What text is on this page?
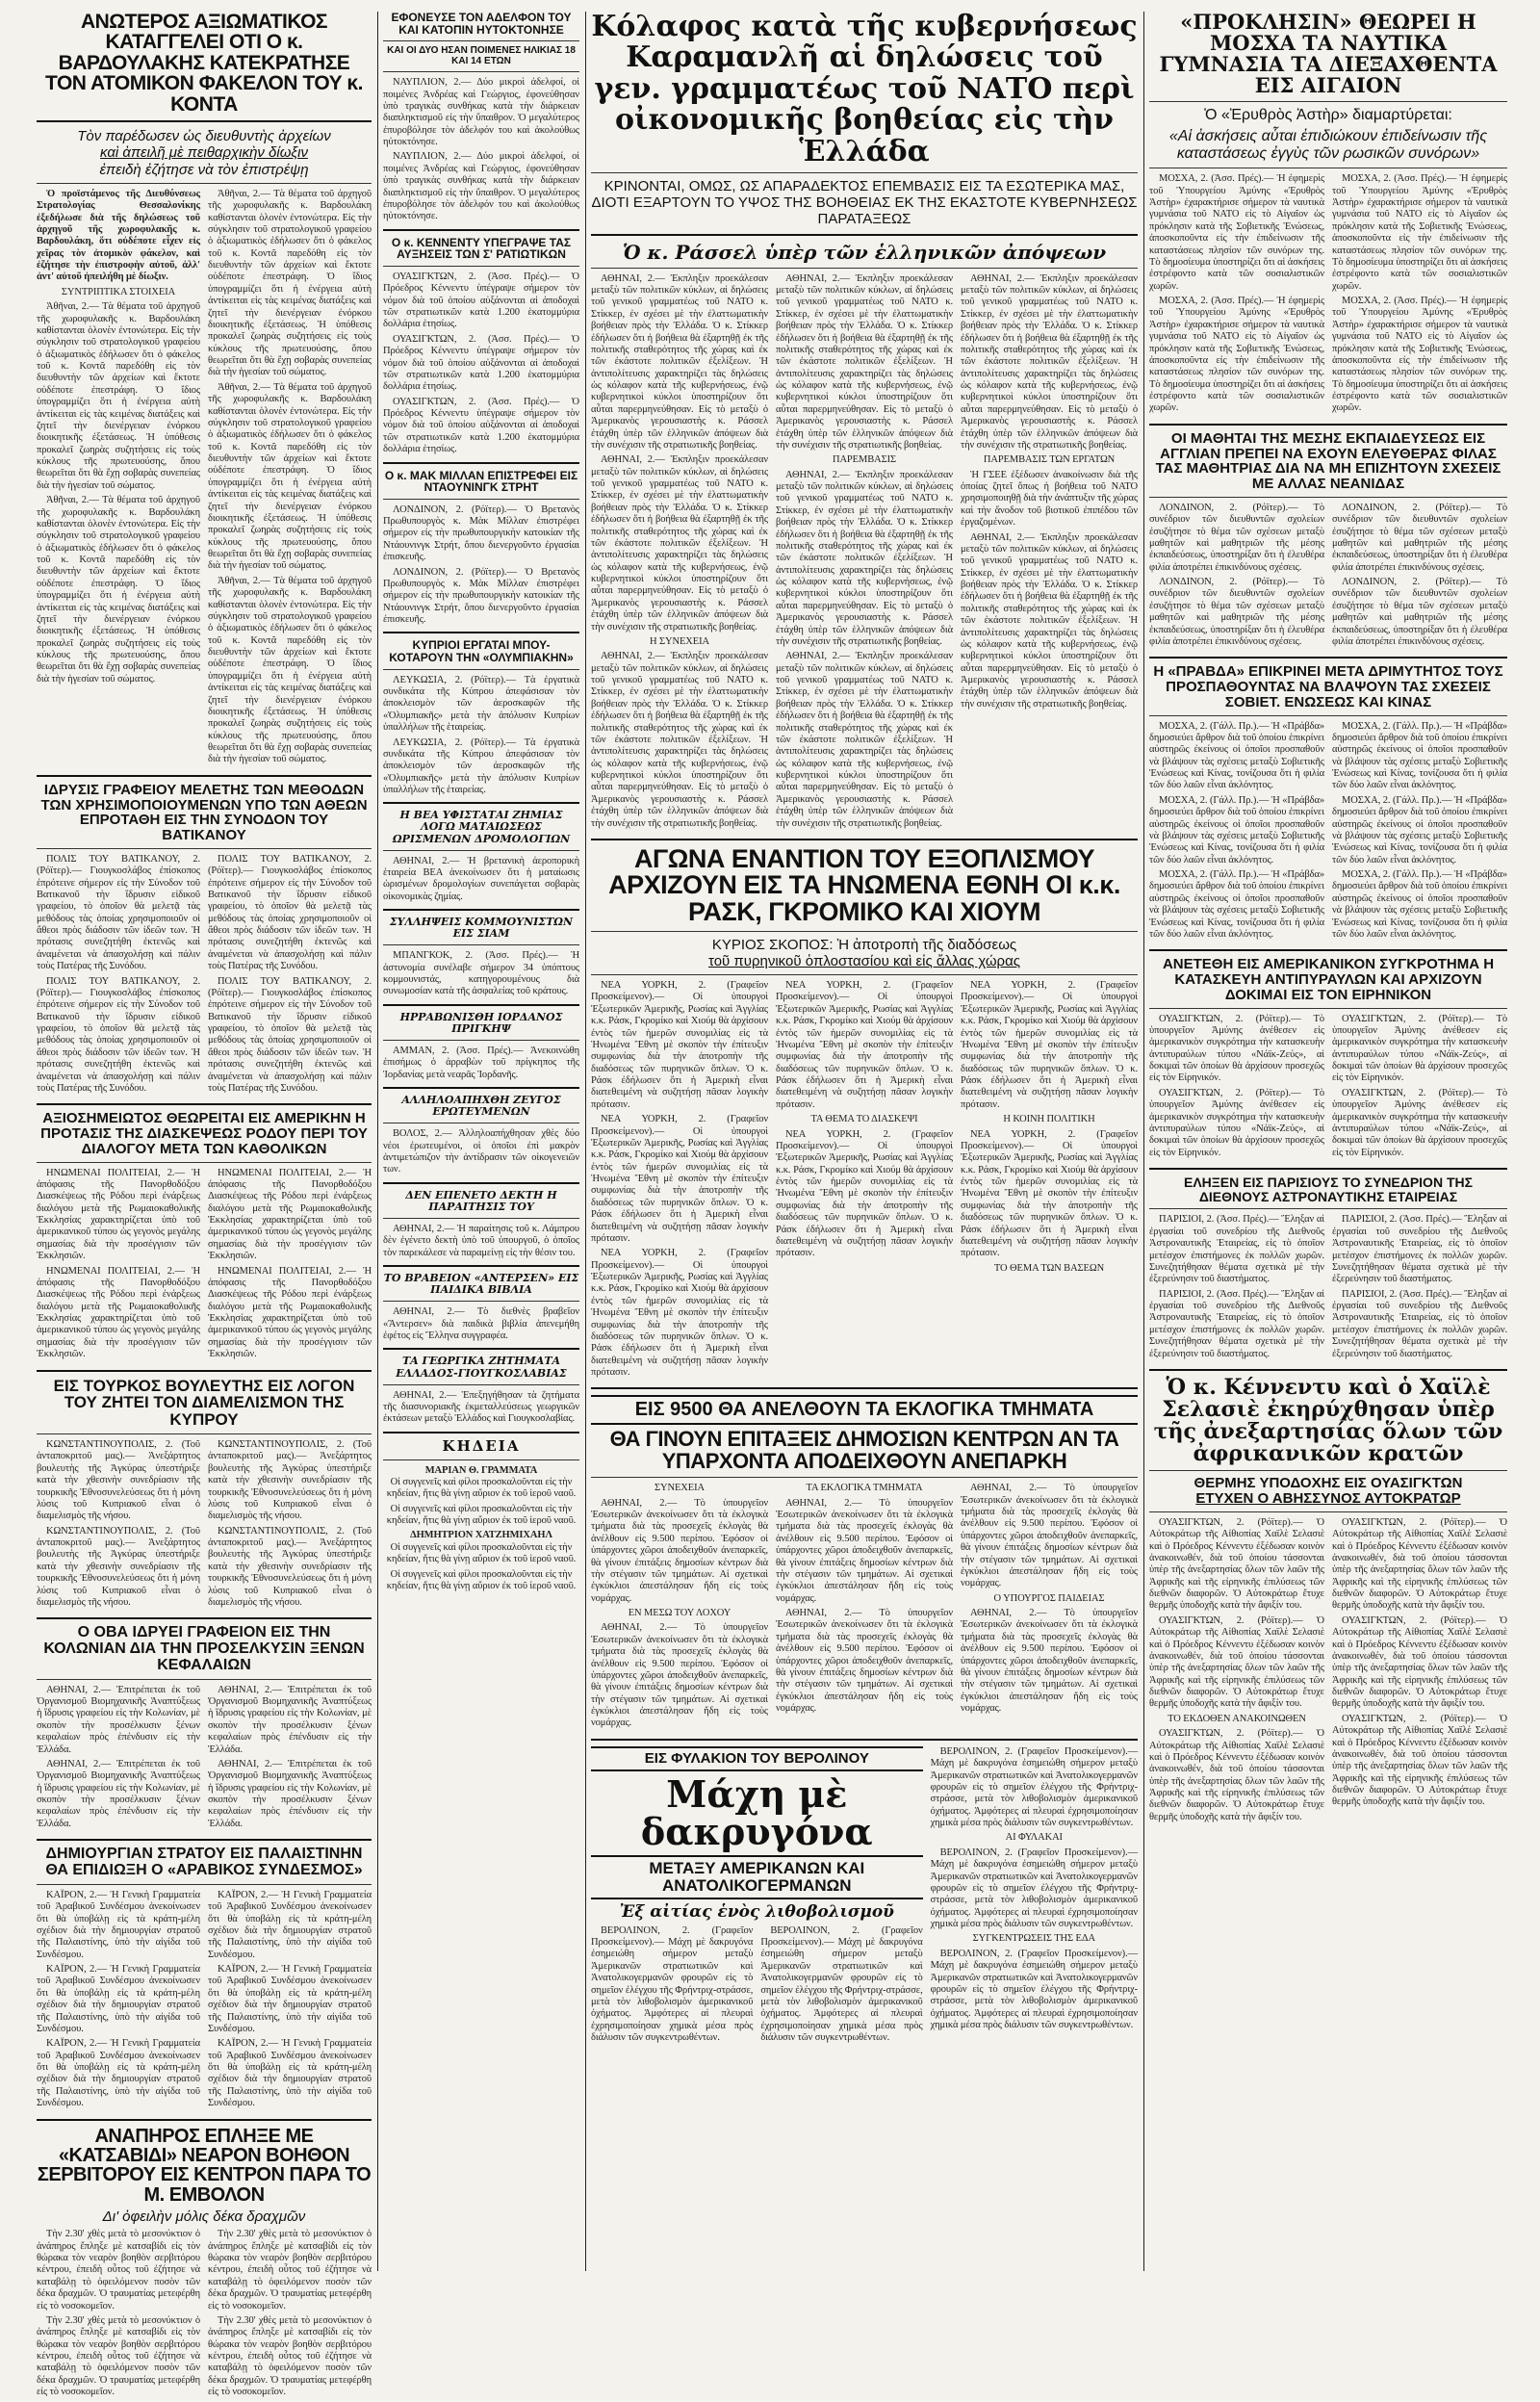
ΑΝΩΤΕΡΟΣ ΑΞΙΩΜΑΤΙΚΟΣ ΚΑΤΑΓΓΕΛΕΙ ΟΤΙ Ο κ. ΒΑΡΔΟΥΛΑΚΗΣ ΚΑΤΕΚΡΑΤΗΣΕ ΤΟΝ ΑΤΟΜΙΚΟΝ ΦΑΚΕΛΟΝ ΤΟΥ κ. ΚΟΝΤΑ
Τὸν παρέδωσεν ὡς διευθυντὴς ἀρχείων
καὶ ἀπειλῆ μὲ πειθαρχικὴν δίωξιν
ἐπειδὴ ἐζήτησε νὰ τὸν ἐπιστρέψῃ

Ὁ προϊστάμενος τῆς Διευθύνσεως Στρατολογίας Θεσσαλονίκης ἐξεδήλωσε διὰ τῆς δηλώσεως τοῦ ἀρχηγοῦ τῆς χωροφυλακῆς κ. Βαρδουλάκη, ὅτι οὐδέποτε εἶχεν εἰς χεῖρας τὸν ἀτομικὸν φάκελον, καὶ ἐζήτησε τὴν ἐπιστροφὴν αὐτοῦ, ἀλλ' ἀντ' αὐτοῦ ἠπειλήθη μὲ δίωξιν.

ΣΥΝΤΡΙΠΤΙΚΑ ΣΤΟΙΧΕΙΑ

Ἀθῆναι, 2.— Τὰ θέματα τοῦ ἀρχηγοῦ τῆς χωροφυλακῆς κ. Βαρδουλάκη καθίστανται ὁλονὲν ἐντονώτερα. Εἰς τὴν σύγκλησιν τοῦ στρατολογικοῦ γραφείου ὁ ἀξιωματικὸς ἐδήλωσεν ὅτι ὁ φάκελος τοῦ κ. Κοντᾶ παρεδόθη εἰς τὸν διευθυντὴν τῶν ἀρχείων καὶ ἔκτοτε οὐδέποτε ἐπεστράφη. Ὁ ἴδιος ὑπογραμμίζει ὅτι ἡ ἐνέργεια αὐτὴ ἀντίκειται εἰς τὰς κειμένας διατάξεις καὶ ζητεῖ τὴν διενέργειαν ἐνόρκου διοικητικῆς ἐξετάσεως. Ἡ ὑπόθεσις προκαλεῖ ζωηρὰς συζητήσεις εἰς τοὺς κύκλους τῆς πρωτευούσης, ὅπου θεωρεῖται ὅτι θὰ ἔχῃ σοβαρὰς συνεπείας διὰ τὴν ἡγεσίαν τοῦ σώματος.

Ἀθῆναι, 2.— Τὰ θέματα τοῦ ἀρχηγοῦ τῆς χωροφυλακῆς κ. Βαρδουλάκη καθίστανται ὁλονὲν ἐντονώτερα. Εἰς τὴν σύγκλησιν τοῦ στρατολογικοῦ γραφείου ὁ ἀξιωματικὸς ἐδήλωσεν ὅτι ὁ φάκελος τοῦ κ. Κοντᾶ παρεδόθη εἰς τὸν διευθυντὴν τῶν ἀρχείων καὶ ἔκτοτε οὐδέποτε ἐπεστράφη. Ὁ ἴδιος ὑπογραμμίζει ὅτι ἡ ἐνέργεια αὐτὴ ἀντίκειται εἰς τὰς κειμένας διατάξεις καὶ ζητεῖ τὴν διενέργειαν ἐνόρκου διοικητικῆς ἐξετάσεως. Ἡ ὑπόθεσις προκαλεῖ ζωηρὰς συζητήσεις εἰς τοὺς κύκλους τῆς πρωτευούσης, ὅπου θεωρεῖται ὅτι θὰ ἔχῃ σοβαρὰς συνεπείας διὰ τὴν ἡγεσίαν τοῦ σώματος.

Ἀθῆναι, 2.— Τὰ θέματα τοῦ ἀρχηγοῦ τῆς χωροφυλακῆς κ. Βαρδουλάκη καθίστανται ὁλονὲν ἐντονώτερα. Εἰς τὴν σύγκλησιν τοῦ στρατολογικοῦ γραφείου ὁ ἀξιωματικὸς ἐδήλωσεν ὅτι ὁ φάκελος τοῦ κ. Κοντᾶ παρεδόθη εἰς τὸν διευθυντὴν τῶν ἀρχείων καὶ ἔκτοτε οὐδέποτε ἐπεστράφη. Ὁ ἴδιος ὑπογραμμίζει ὅτι ἡ ἐνέργεια αὐτὴ ἀντίκειται εἰς τὰς κειμένας διατάξεις καὶ ζητεῖ τὴν διενέργειαν ἐνόρκου διοικητικῆς ἐξετάσεως. Ἡ ὑπόθεσις προκαλεῖ ζωηρὰς συζητήσεις εἰς τοὺς κύκλους τῆς πρωτευούσης, ὅπου θεωρεῖται ὅτι θὰ ἔχῃ σοβαρὰς συνεπείας διὰ τὴν ἡγεσίαν τοῦ σώματος.

Ἀθῆναι, 2.— Τὰ θέματα τοῦ ἀρχηγοῦ τῆς χωροφυλακῆς κ. Βαρδουλάκη καθίστανται ὁλονὲν ἐντονώτερα. Εἰς τὴν σύγκλησιν τοῦ στρατολογικοῦ γραφείου ὁ ἀξιωματικὸς ἐδήλωσεν ὅτι ὁ φάκελος τοῦ κ. Κοντᾶ παρεδόθη εἰς τὸν διευθυντὴν τῶν ἀρχείων καὶ ἔκτοτε οὐδέποτε ἐπεστράφη. Ὁ ἴδιος ὑπογραμμίζει ὅτι ἡ ἐνέργεια αὐτὴ ἀντίκειται εἰς τὰς κειμένας διατάξεις καὶ ζητεῖ τὴν διενέργειαν ἐνόρκου διοικητικῆς ἐξετάσεως. Ἡ ὑπόθεσις προκαλεῖ ζωηρὰς συζητήσεις εἰς τοὺς κύκλους τῆς πρωτευούσης, ὅπου θεωρεῖται ὅτι θὰ ἔχῃ σοβαρὰς συνεπείας διὰ τὴν ἡγεσίαν τοῦ σώματος.

Ἀθῆναι, 2.— Τὰ θέματα τοῦ ἀρχηγοῦ τῆς χωροφυλακῆς κ. Βαρδουλάκη καθίστανται ὁλονὲν ἐντονώτερα. Εἰς τὴν σύγκλησιν τοῦ στρατολογικοῦ γραφείου ὁ ἀξιωματικὸς ἐδήλωσεν ὅτι ὁ φάκελος τοῦ κ. Κοντᾶ παρεδόθη εἰς τὸν διευθυντὴν τῶν ἀρχείων καὶ ἔκτοτε οὐδέποτε ἐπεστράφη. Ὁ ἴδιος ὑπογραμμίζει ὅτι ἡ ἐνέργεια αὐτὴ ἀντίκειται εἰς τὰς κειμένας διατάξεις καὶ ζητεῖ τὴν διενέργειαν ἐνόρκου διοικητικῆς ἐξετάσεως. Ἡ ὑπόθεσις προκαλεῖ ζωηρὰς συζητήσεις εἰς τοὺς κύκλους τῆς πρωτευούσης, ὅπου θεωρεῖται ὅτι θὰ ἔχῃ σοβαρὰς συνεπείας διὰ τὴν ἡγεσίαν τοῦ σώματος.

ΙΔΡΥΣΙΣ ΓΡΑΦΕΙΟΥ ΜΕΛΕΤΗΣ ΤΩΝ ΜΕΘΟΔΩΝ ΤΩΝ ΧΡΗΣΙΜΟΠΟΙΟΥΜΕΝΩΝ ΥΠΟ ΤΩΝ ΑΘΕΩΝ ΕΠΡΟΤΑΘΗ ΕΙΣ ΤΗΝ ΣΥΝΟΔΟΝ ΤΟΥ ΒΑΤΙΚΑΝΟΥ

ΠΟΛΙΣ ΤΟΥ ΒΑΤΙΚΑΝΟΥ, 2. (Ρόϊτερ).— Γιουγκοσλάβος ἐπίσκοπος ἐπρότεινε σήμερον εἰς τὴν Σύνοδον τοῦ Βατικανοῦ τὴν ἵδρυσιν εἰδικοῦ γραφείου, τὸ ὁποῖον θὰ μελετᾷ τὰς μεθόδους τὰς ὁποίας χρησιμοποιοῦν οἱ ἄθεοι πρὸς διάδοσιν τῶν ἰδεῶν των. Ἡ πρότασις συνεζητήθη ἐκτενῶς καὶ ἀναμένεται νὰ ἀπασχολήσῃ καὶ πάλιν τοὺς Πατέρας τῆς Συνόδου.

ΠΟΛΙΣ ΤΟΥ ΒΑΤΙΚΑΝΟΥ, 2. (Ρόϊτερ).— Γιουγκοσλάβος ἐπίσκοπος ἐπρότεινε σήμερον εἰς τὴν Σύνοδον τοῦ Βατικανοῦ τὴν ἵδρυσιν εἰδικοῦ γραφείου, τὸ ὁποῖον θὰ μελετᾷ τὰς μεθόδους τὰς ὁποίας χρησιμοποιοῦν οἱ ἄθεοι πρὸς διάδοσιν τῶν ἰδεῶν των. Ἡ πρότασις συνεζητήθη ἐκτενῶς καὶ ἀναμένεται νὰ ἀπασχολήσῃ καὶ πάλιν τοὺς Πατέρας τῆς Συνόδου.

ΠΟΛΙΣ ΤΟΥ ΒΑΤΙΚΑΝΟΥ, 2. (Ρόϊτερ).— Γιουγκοσλάβος ἐπίσκοπος ἐπρότεινε σήμερον εἰς τὴν Σύνοδον τοῦ Βατικανοῦ τὴν ἵδρυσιν εἰδικοῦ γραφείου, τὸ ὁποῖον θὰ μελετᾷ τὰς μεθόδους τὰς ὁποίας χρησιμοποιοῦν οἱ ἄθεοι πρὸς διάδοσιν τῶν ἰδεῶν των. Ἡ πρότασις συνεζητήθη ἐκτενῶς καὶ ἀναμένεται νὰ ἀπασχολήσῃ καὶ πάλιν τοὺς Πατέρας τῆς Συνόδου.

ΠΟΛΙΣ ΤΟΥ ΒΑΤΙΚΑΝΟΥ, 2. (Ρόϊτερ).— Γιουγκοσλάβος ἐπίσκοπος ἐπρότεινε σήμερον εἰς τὴν Σύνοδον τοῦ Βατικανοῦ τὴν ἵδρυσιν εἰδικοῦ γραφείου, τὸ ὁποῖον θὰ μελετᾷ τὰς μεθόδους τὰς ὁποίας χρησιμοποιοῦν οἱ ἄθεοι πρὸς διάδοσιν τῶν ἰδεῶν των. Ἡ πρότασις συνεζητήθη ἐκτενῶς καὶ ἀναμένεται νὰ ἀπασχολήσῃ καὶ πάλιν τοὺς Πατέρας τῆς Συνόδου.

ΑΞΙΟΣΗΜΕΙΩΤΟΣ ΘΕΩΡΕΙΤΑΙ ΕΙΣ ΑΜΕΡΙΚΗΝ Η ΠΡΟΤΑΣΙΣ ΤΗΣ ΔΙΑΣΚΕΨΕΩΣ ΡΟΔΟΥ ΠΕΡΙ ΤΟΥ ΔΙΑΛΟΓΟΥ ΜΕΤΑ ΤΩΝ ΚΑΘΟΛΙΚΩΝ

ΗΝΩΜΕΝΑΙ ΠΟΛΙΤΕΙΑΙ, 2.— Ἡ ἀπόφασις τῆς Πανορθοδόξου Διασκέψεως τῆς Ρόδου περὶ ἐνάρξεως διαλόγου μετὰ τῆς Ρωμαιοκαθολικῆς Ἐκκλησίας χαρακτηρίζεται ὑπὸ τοῦ ἀμερικανικοῦ τύπου ὡς γεγονὸς μεγάλης σημασίας διὰ τὴν προσέγγισιν τῶν Ἐκκλησιῶν.

ΗΝΩΜΕΝΑΙ ΠΟΛΙΤΕΙΑΙ, 2.— Ἡ ἀπόφασις τῆς Πανορθοδόξου Διασκέψεως τῆς Ρόδου περὶ ἐνάρξεως διαλόγου μετὰ τῆς Ρωμαιοκαθολικῆς Ἐκκλησίας χαρακτηρίζεται ὑπὸ τοῦ ἀμερικανικοῦ τύπου ὡς γεγονὸς μεγάλης σημασίας διὰ τὴν προσέγγισιν τῶν Ἐκκλησιῶν.

ΗΝΩΜΕΝΑΙ ΠΟΛΙΤΕΙΑΙ, 2.— Ἡ ἀπόφασις τῆς Πανορθοδόξου Διασκέψεως τῆς Ρόδου περὶ ἐνάρξεως διαλόγου μετὰ τῆς Ρωμαιοκαθολικῆς Ἐκκλησίας χαρακτηρίζεται ὑπὸ τοῦ ἀμερικανικοῦ τύπου ὡς γεγονὸς μεγάλης σημασίας διὰ τὴν προσέγγισιν τῶν Ἐκκλησιῶν.

ΗΝΩΜΕΝΑΙ ΠΟΛΙΤΕΙΑΙ, 2.— Ἡ ἀπόφασις τῆς Πανορθοδόξου Διασκέψεως τῆς Ρόδου περὶ ἐνάρξεως διαλόγου μετὰ τῆς Ρωμαιοκαθολικῆς Ἐκκλησίας χαρακτηρίζεται ὑπὸ τοῦ ἀμερικανικοῦ τύπου ὡς γεγονὸς μεγάλης σημασίας διὰ τὴν προσέγγισιν τῶν Ἐκκλησιῶν.

ΕΙΣ ΤΟΥΡΚΟΣ ΒΟΥΛΕΥΤΗΣ ΕΙΣ ΛΟΓΟΝ ΤΟΥ ΖΗΤΕΙ ΤΟΝ ΔΙΑΜΕΛΙΣΜΟΝ ΤΗΣ ΚΥΠΡΟΥ

ΚΩΝΣΤΑΝΤΙΝΟΥΠΟΛΙΣ, 2. (Τοῦ ἀνταποκριτοῦ μας).— Ἀνεξάρτητος βουλευτὴς τῆς Ἀγκύρας ὑπεστήριξε κατὰ τὴν χθεσινὴν συνεδρίασιν τῆς τουρκικῆς Ἐθνοσυνελεύσεως ὅτι ἡ μόνη λύσις τοῦ Κυπριακοῦ εἶναι ὁ διαμελισμὸς τῆς νήσου.

ΚΩΝΣΤΑΝΤΙΝΟΥΠΟΛΙΣ, 2. (Τοῦ ἀνταποκριτοῦ μας).— Ἀνεξάρτητος βουλευτὴς τῆς Ἀγκύρας ὑπεστήριξε κατὰ τὴν χθεσινὴν συνεδρίασιν τῆς τουρκικῆς Ἐθνοσυνελεύσεως ὅτι ἡ μόνη λύσις τοῦ Κυπριακοῦ εἶναι ὁ διαμελισμὸς τῆς νήσου.

ΚΩΝΣΤΑΝΤΙΝΟΥΠΟΛΙΣ, 2. (Τοῦ ἀνταποκριτοῦ μας).— Ἀνεξάρτητος βουλευτὴς τῆς Ἀγκύρας ὑπεστήριξε κατὰ τὴν χθεσινὴν συνεδρίασιν τῆς τουρκικῆς Ἐθνοσυνελεύσεως ὅτι ἡ μόνη λύσις τοῦ Κυπριακοῦ εἶναι ὁ διαμελισμὸς τῆς νήσου.

ΚΩΝΣΤΑΝΤΙΝΟΥΠΟΛΙΣ, 2. (Τοῦ ἀνταποκριτοῦ μας).— Ἀνεξάρτητος βουλευτὴς τῆς Ἀγκύρας ὑπεστήριξε κατὰ τὴν χθεσινὴν συνεδρίασιν τῆς τουρκικῆς Ἐθνοσυνελεύσεως ὅτι ἡ μόνη λύσις τοῦ Κυπριακοῦ εἶναι ὁ διαμελισμὸς τῆς νήσου.

Ο ΟΒΑ ΙΔΡΥΕΙ ΓΡΑΦΕΙΟΝ ΕΙΣ ΤΗΝ ΚΟΛΩΝΙΑΝ ΔΙΑ ΤΗΝ ΠΡΟΣΕΛΚΥΣΙΝ ΞΕΝΩΝ ΚΕΦΑΛΑΙΩΝ

ΑΘΗΝΑΙ, 2.— Ἐπιτρέπεται ἐκ τοῦ Ὀργανισμοῦ Βιομηχανικῆς Ἀναπτύξεως ἡ ἵδρυσις γραφείου εἰς τὴν Κολωνίαν, μὲ σκοπὸν τὴν προσέλκυσιν ξένων κεφαλαίων πρὸς ἐπένδυσιν εἰς τὴν Ἑλλάδα.

ΑΘΗΝΑΙ, 2.— Ἐπιτρέπεται ἐκ τοῦ Ὀργανισμοῦ Βιομηχανικῆς Ἀναπτύξεως ἡ ἵδρυσις γραφείου εἰς τὴν Κολωνίαν, μὲ σκοπὸν τὴν προσέλκυσιν ξένων κεφαλαίων πρὸς ἐπένδυσιν εἰς τὴν Ἑλλάδα.

ΑΘΗΝΑΙ, 2.— Ἐπιτρέπεται ἐκ τοῦ Ὀργανισμοῦ Βιομηχανικῆς Ἀναπτύξεως ἡ ἵδρυσις γραφείου εἰς τὴν Κολωνίαν, μὲ σκοπὸν τὴν προσέλκυσιν ξένων κεφαλαίων πρὸς ἐπένδυσιν εἰς τὴν Ἑλλάδα.

ΑΘΗΝΑΙ, 2.— Ἐπιτρέπεται ἐκ τοῦ Ὀργανισμοῦ Βιομηχανικῆς Ἀναπτύξεως ἡ ἵδρυσις γραφείου εἰς τὴν Κολωνίαν, μὲ σκοπὸν τὴν προσέλκυσιν ξένων κεφαλαίων πρὸς ἐπένδυσιν εἰς τὴν Ἑλλάδα.

ΔΗΜΙΟΥΡΓΙΑΝ ΣΤΡΑΤΟΥ ΕΙΣ ΠΑΛΑΙΣΤΙΝΗΝ ΘΑ ΕΠΙΔΙΩΞΗ Ο «ΑΡΑΒΙΚΟΣ ΣΥΝΔΕΣΜΟΣ»

ΚΑΪΡΟΝ, 2.— Ἡ Γενικὴ Γραμματεία τοῦ Ἀραβικοῦ Συνδέσμου ἀνεκοίνωσεν ὅτι θὰ ὑποβάλῃ εἰς τὰ κράτη-μέλη σχέδιον διὰ τὴν δημιουργίαν στρατοῦ τῆς Παλαιστίνης, ὑπὸ τὴν αἰγίδα τοῦ Συνδέσμου.

ΚΑΪΡΟΝ, 2.— Ἡ Γενικὴ Γραμματεία τοῦ Ἀραβικοῦ Συνδέσμου ἀνεκοίνωσεν ὅτι θὰ ὑποβάλῃ εἰς τὰ κράτη-μέλη σχέδιον διὰ τὴν δημιουργίαν στρατοῦ τῆς Παλαιστίνης, ὑπὸ τὴν αἰγίδα τοῦ Συνδέσμου.

ΚΑΪΡΟΝ, 2.— Ἡ Γενικὴ Γραμματεία τοῦ Ἀραβικοῦ Συνδέσμου ἀνεκοίνωσεν ὅτι θὰ ὑποβάλῃ εἰς τὰ κράτη-μέλη σχέδιον διὰ τὴν δημιουργίαν στρατοῦ τῆς Παλαιστίνης, ὑπὸ τὴν αἰγίδα τοῦ Συνδέσμου.

ΚΑΪΡΟΝ, 2.— Ἡ Γενικὴ Γραμματεία τοῦ Ἀραβικοῦ Συνδέσμου ἀνεκοίνωσεν ὅτι θὰ ὑποβάλῃ εἰς τὰ κράτη-μέλη σχέδιον διὰ τὴν δημιουργίαν στρατοῦ τῆς Παλαιστίνης, ὑπὸ τὴν αἰγίδα τοῦ Συνδέσμου.

ΚΑΪΡΟΝ, 2.— Ἡ Γενικὴ Γραμματεία τοῦ Ἀραβικοῦ Συνδέσμου ἀνεκοίνωσεν ὅτι θὰ ὑποβάλῃ εἰς τὰ κράτη-μέλη σχέδιον διὰ τὴν δημιουργίαν στρατοῦ τῆς Παλαιστίνης, ὑπὸ τὴν αἰγίδα τοῦ Συνδέσμου.

ΚΑΪΡΟΝ, 2.— Ἡ Γενικὴ Γραμματεία τοῦ Ἀραβικοῦ Συνδέσμου ἀνεκοίνωσεν ὅτι θὰ ὑποβάλῃ εἰς τὰ κράτη-μέλη σχέδιον διὰ τὴν δημιουργίαν στρατοῦ τῆς Παλαιστίνης, ὑπὸ τὴν αἰγίδα τοῦ Συνδέσμου.

ΑΝΑΠΗΡΟΣ ΕΠΛΗΞΕ ΜΕ «ΚΑΤΣΑΒΙΔΙ» ΝΕΑΡΟΝ ΒΟΗΘΟΝ ΣΕΡΒΙΤΟΡΟΥ ΕΙΣ ΚΕΝΤΡΟΝ ΠΑΡΑ ΤΟ Μ. ΕΜΒΟΛΟΝ
Δι' ὀφειλὴν μόλις δέκα δραχμῶν

Τὴν 2.30' χθὲς μετὰ τὸ μεσονύκτιον ὁ ἀνάπηρος ἔπληξε μὲ κατσαβίδι εἰς τὸν θώρακα τὸν νεαρὸν βοηθὸν σερβιτόρου κέντρου, ἐπειδὴ οὗτος τοῦ ἐζήτησε νὰ καταβάλῃ τὸ ὀφειλόμενον ποσὸν τῶν δέκα δραχμῶν. Ὁ τραυματίας μετεφέρθη εἰς τὸ νοσοκομεῖον.

Τὴν 2.30' χθὲς μετὰ τὸ μεσονύκτιον ὁ ἀνάπηρος ἔπληξε μὲ κατσαβίδι εἰς τὸν θώρακα τὸν νεαρὸν βοηθὸν σερβιτόρου κέντρου, ἐπειδὴ οὗτος τοῦ ἐζήτησε νὰ καταβάλῃ τὸ ὀφειλόμενον ποσὸν τῶν δέκα δραχμῶν. Ὁ τραυματίας μετεφέρθη εἰς τὸ νοσοκομεῖον.

Τὴν 2.30' χθὲς μετὰ τὸ μεσονύκτιον ὁ ἀνάπηρος ἔπληξε μὲ κατσαβίδι εἰς τὸν θώρακα τὸν νεαρὸν βοηθὸν σερβιτόρου κέντρου, ἐπειδὴ οὗτος τοῦ ἐζήτησε νὰ καταβάλῃ τὸ ὀφειλόμενον ποσὸν τῶν δέκα δραχμῶν. Ὁ τραυματίας μετεφέρθη εἰς τὸ νοσοκομεῖον.

Τὴν 2.30' χθὲς μετὰ τὸ μεσονύκτιον ὁ ἀνάπηρος ἔπληξε μὲ κατσαβίδι εἰς τὸν θώρακα τὸν νεαρὸν βοηθὸν σερβιτόρου κέντρου, ἐπειδὴ οὗτος τοῦ ἐζήτησε νὰ καταβάλῃ τὸ ὀφειλόμενον ποσὸν τῶν δέκα δραχμῶν. Ὁ τραυματίας μετεφέρθη εἰς τὸ νοσοκομεῖον.

ΕΦΟΝΕΥΣΕ ΤΟΝ ΑΔΕΛΦΟΝ ΤΟΥ ΚΑΙ ΚΑΤΟΠΙΝ ΗΥΤΟΚΤΟΝΗΣΕ
ΚΑΙ ΟΙ ΔΥΟ ΗΣΑΝ ΠΟΙΜΕΝΕΣ ΗΛΙΚΙΑΣ 18 ΚΑΙ 14 ΕΤΩΝ

ΝΑΥΠΛΙΟΝ, 2.— Δύο μικροὶ ἀδελφοί, οἱ ποιμένες Ἀνδρέας καὶ Γεώργιος, ἐφονεύθησαν ὑπὸ τραγικὰς συνθήκας κατὰ τὴν διάρκειαν διαπληκτισμοῦ εἰς τὴν ὕπαιθρον. Ὁ μεγαλύτερος ἐπυροβόλησε τὸν ἀδελφόν του καὶ ἀκολούθως ηὐτοκτόνησε.

ΝΑΥΠΛΙΟΝ, 2.— Δύο μικροὶ ἀδελφοί, οἱ ποιμένες Ἀνδρέας καὶ Γεώργιος, ἐφονεύθησαν ὑπὸ τραγικὰς συνθήκας κατὰ τὴν διάρκειαν διαπληκτισμοῦ εἰς τὴν ὕπαιθρον. Ὁ μεγαλύτερος ἐπυροβόλησε τὸν ἀδελφόν του καὶ ἀκολούθως ηὐτοκτόνησε.

Ο κ. ΚΕΝΝΕΝΤΥ ΥΠΕΓΡΑΨΕ ΤΑΣ ΑΥΞΗΣΕΙΣ ΤΩΝ Σ' ΡΑΤΙΩΤΙΚΩΝ

ΟΥΑΣΙΓΚΤΩΝ, 2. (Ἀσσ. Πρές).— Ὁ Πρόεδρος Κέννεντυ ὑπέγραψε σήμερον τὸν νόμον διὰ τοῦ ὁποίου αὐξάνονται αἱ ἀποδοχαὶ τῶν στρατιωτικῶν κατὰ 1.200 ἑκατομμύρια δολλάρια ἐτησίως.

ΟΥΑΣΙΓΚΤΩΝ, 2. (Ἀσσ. Πρές).— Ὁ Πρόεδρος Κέννεντυ ὑπέγραψε σήμερον τὸν νόμον διὰ τοῦ ὁποίου αὐξάνονται αἱ ἀποδοχαὶ τῶν στρατιωτικῶν κατὰ 1.200 ἑκατομμύρια δολλάρια ἐτησίως.

ΟΥΑΣΙΓΚΤΩΝ, 2. (Ἀσσ. Πρές).— Ὁ Πρόεδρος Κέννεντυ ὑπέγραψε σήμερον τὸν νόμον διὰ τοῦ ὁποίου αὐξάνονται αἱ ἀποδοχαὶ τῶν στρατιωτικῶν κατὰ 1.200 ἑκατομμύρια δολλάρια ἐτησίως.

Ο κ. ΜΑΚ ΜΙΛΛΑΝ ΕΠΙΣΤΡΕΦΕΙ ΕΙΣ ΝΤΑΟΥΝΙΝΓΚ ΣΤΡΗΤ

ΛΟΝΔΙΝΟΝ, 2. (Ρόϊτερ).— Ὁ Βρετανὸς Πρωθυπουργὸς κ. Μὰκ Μίλλαν ἐπιστρέφει σήμερον εἰς τὴν πρωθυπουργικὴν κατοικίαν τῆς Ντάουνινγκ Στρήτ, ὅπου διενεργοῦντο ἐργασίαι ἐπισκευῆς.

ΛΟΝΔΙΝΟΝ, 2. (Ρόϊτερ).— Ὁ Βρετανὸς Πρωθυπουργὸς κ. Μὰκ Μίλλαν ἐπιστρέφει σήμερον εἰς τὴν πρωθυπουργικὴν κατοικίαν τῆς Ντάουνινγκ Στρήτ, ὅπου διενεργοῦντο ἐργασίαι ἐπισκευῆς.

ΚΥΠΡΙΟΙ ΕΡΓΑΤΑΙ ΜΠΟΥ-ΚΟΤΑΡΟΥΝ ΤΗΝ «ΟΛΥΜΠΙΑΚΗΝ»

ΛΕΥΚΩΣΙΑ, 2. (Ρόϊτερ).— Τὰ ἐργατικὰ συνδικάτα τῆς Κύπρου ἀπεφάσισαν τὸν ἀποκλεισμὸν τῶν ἀεροσκαφῶν τῆς «Ὀλυμπιακῆς» μετὰ τὴν ἀπόλυσιν Κυπρίων ὑπαλλήλων τῆς ἑταιρείας.

ΛΕΥΚΩΣΙΑ, 2. (Ρόϊτερ).— Τὰ ἐργατικὰ συνδικάτα τῆς Κύπρου ἀπεφάσισαν τὸν ἀποκλεισμὸν τῶν ἀεροσκαφῶν τῆς «Ὀλυμπιακῆς» μετὰ τὴν ἀπόλυσιν Κυπρίων ὑπαλλήλων τῆς ἑταιρείας.

Η ΒΕΑ ΥΦΙΣΤΑΤΑΙ ΖΗΜΙΑΣ ΛΟΓΩ ΜΑΤΑΙΩΣΕΩΣ ΩΡΙΣΜΕΝΩΝ ΔΡΟΜΟΛΟΓΙΩΝ

ΑΘΗΝΑΙ, 2.— Ἡ βρετανικὴ ἀεροπορικὴ ἑταιρεία ΒΕΑ ἀνεκοίνωσεν ὅτι ἡ ματαίωσις ὡρισμένων δρομολογίων συνεπάγεται σοβαρὰς οἰκονομικὰς ζημίας.

ΣΥΛΛΗΨΕΙΣ ΚΟΜΜΟΥΝΙΣΤΩΝ ΕΙΣ ΣΙΑΜ

ΜΠΑΝΓΚΟΚ, 2. (Ἀσσ. Πρές).— Ἡ ἀστυνομία συνέλαβε σήμερον 34 ὑπόπτους κομμουνιστάς, κατηγορουμένους διὰ συνωμοσίαν κατὰ τῆς ἀσφαλείας τοῦ κράτους.

ΗΡΡΑΒΩΝΙΣΘΗ ΙΟΡΔΑΝΟΣ ΠΡΙΓΚΗΨ

ΑΜΜΑΝ, 2. (Ἀσσ. Πρές).— Ἀνεκοινώθη ἐπισήμως ὁ ἀρραβὼν τοῦ πρίγκηπος τῆς Ἰορδανίας μετὰ νεαρᾶς Ἰορδανῆς.

ΑΛΛΗΛΟΑΠΗΧΘΗ ΖΕΥΓΟΣ ΕΡΩΤΕΥΜΕΝΩΝ

ΒΟΛΟΣ, 2.— Ἀλληλοαπήχθησαν χθὲς δύο νέοι ἐρωτευμένοι, οἱ ὁποῖοι ἐπὶ μακρὸν ἀντιμετώπιζον τὴν ἀντίδρασιν τῶν οἰκογενειῶν των.

ΔΕΝ ΕΠΕΝΕΤΟ ΔΕΚΤΗ Η ΠΑΡΑΙΤΗΣΙΣ ΤΟΥ

ΑΘΗΝΑΙ, 2.— Ἡ παραίτησις τοῦ κ. Λάμπρου δὲν ἐγένετο δεκτὴ ὑπὸ τοῦ ὑπουργοῦ, ὁ ὁποῖος τὸν παρεκάλεσε νὰ παραμείνῃ εἰς τὴν θέσιν του.

ΤΟ ΒΡΑΒΕΙΟΝ «ΑΝΤΕΡΣΕΝ» ΕΙΣ ΠΑΙΔΙΚΑ ΒΙΒΛΙΑ

ΑΘΗΝΑΙ, 2.— Τὸ διεθνὲς βραβεῖον «Ἄντερσεν» διὰ παιδικὰ βιβλία ἀπενεμήθη ἐφέτος εἰς Ἕλληνα συγγραφέα.

ΤΑ ΓΕΩΡΓΙΚΑ ΖΗΤΗΜΑΤΑ ΕΛΛΑΔΟΣ-ΓΙΟΥΓΚΟΣΛΑΒΙΑΣ

ΑΘΗΝΑΙ, 2.— Ἐπεξηγήθησαν τὰ ζητήματα τῆς διασυνοριακῆς ἐκμεταλλεύσεως γεωργικῶν ἐκτάσεων μεταξὺ Ἑλλάδος καὶ Γιουγκοσλαβίας.

ΚΗΔΕΙΑ
ΜΑΡΙΑΝ Θ. ΓΡΑΜΜΑΤΑ

Οἱ συγγενεῖς καὶ φίλοι προσκαλοῦνται εἰς τὴν κηδείαν, ἥτις θὰ γίνῃ αὔριον ἐκ τοῦ ἱεροῦ ναοῦ.

Οἱ συγγενεῖς καὶ φίλοι προσκαλοῦνται εἰς τὴν κηδείαν, ἥτις θὰ γίνῃ αὔριον ἐκ τοῦ ἱεροῦ ναοῦ.

ΔΗΜΗΤΡΙΟΝ ΧΑΤΖΗΜΙΧΑΗΛ

Οἱ συγγενεῖς καὶ φίλοι προσκαλοῦνται εἰς τὴν κηδείαν, ἥτις θὰ γίνῃ αὔριον ἐκ τοῦ ἱεροῦ ναοῦ.

Οἱ συγγενεῖς καὶ φίλοι προσκαλοῦνται εἰς τὴν κηδείαν, ἥτις θὰ γίνῃ αὔριον ἐκ τοῦ ἱεροῦ ναοῦ.

Κόλαφος κατὰ τῆς κυβερνήσεως Καραμανλῆ αἱ δηλώσεις τοῦ γεν. γραμματέως τοῦ ΝΑΤΟ περὶ οἰκονομικῆς βοηθείας εἰς τὴν Ἑλλάδα
ΚΡΙΝΟΝΤΑΙ, ΟΜΩΣ, ΩΣ ΑΠΑΡΑΔΕΚΤΟΣ ΕΠΕΜΒΑΣΙΣ ΕΙΣ ΤΑ ΕΣΩΤΕΡΙΚΑ ΜΑΣ, ΔΙΟΤΙ ΕΞΑΡΤΟΥΝ ΤΟ ΥΨΟΣ ΤΗΣ ΒΟΗΘΕΙΑΣ ΕΚ ΤΗΣ ΕΚΑΣΤΟΤΕ ΚΥΒΕΡΝΗΣΕΩΣ ΠΑΡΑΤΑΞΕΩΣ
Ὁ κ. Ράσσελ ὑπὲρ τῶν ἑλληνικῶν ἀπόψεων

ΑΘΗΝΑΙ, 2.— Ἐκπληξιν προεκάλεσαν μεταξὺ τῶν πολιτικῶν κύκλων, αἱ δηλώσεις τοῦ γενικοῦ γραμματέως τοῦ ΝΑΤΟ κ. Στίκκερ, ἐν σχέσει μὲ τὴν ἐλαττωματικὴν βοήθειαν πρὸς τὴν Ἑλλάδα. Ὁ κ. Στίκκερ ἐδήλωσεν ὅτι ἡ βοήθεια θὰ ἐξαρτηθῇ ἐκ τῆς πολιτικῆς σταθερότητος τῆς χώρας καὶ ἐκ τῶν ἐκάστοτε πολιτικῶν ἐξελίξεων. Ἡ ἀντιπολίτευσις χαρακτηρίζει τὰς δηλώσεις ὡς κόλαφον κατὰ τῆς κυβερνήσεως, ἐνῷ κυβερνητικοὶ κύκλοι ὑποστηρίζουν ὅτι αὗται παρερμηνεύθησαν. Εἰς τὸ μεταξὺ ὁ Ἀμερικανὸς γερουσιαστὴς κ. Ράσσελ ἐτάχθη ὑπὲρ τῶν ἑλληνικῶν ἀπόψεων διὰ τὴν συνέχισιν τῆς στρατιωτικῆς βοηθείας.

ΑΘΗΝΑΙ, 2.— Ἐκπληξιν προεκάλεσαν μεταξὺ τῶν πολιτικῶν κύκλων, αἱ δηλώσεις τοῦ γενικοῦ γραμματέως τοῦ ΝΑΤΟ κ. Στίκκερ, ἐν σχέσει μὲ τὴν ἐλαττωματικὴν βοήθειαν πρὸς τὴν Ἑλλάδα. Ὁ κ. Στίκκερ ἐδήλωσεν ὅτι ἡ βοήθεια θὰ ἐξαρτηθῇ ἐκ τῆς πολιτικῆς σταθερότητος τῆς χώρας καὶ ἐκ τῶν ἐκάστοτε πολιτικῶν ἐξελίξεων. Ἡ ἀντιπολίτευσις χαρακτηρίζει τὰς δηλώσεις ὡς κόλαφον κατὰ τῆς κυβερνήσεως, ἐνῷ κυβερνητικοὶ κύκλοι ὑποστηρίζουν ὅτι αὗται παρερμηνεύθησαν. Εἰς τὸ μεταξὺ ὁ Ἀμερικανὸς γερουσιαστὴς κ. Ράσσελ ἐτάχθη ὑπὲρ τῶν ἑλληνικῶν ἀπόψεων διὰ τὴν συνέχισιν τῆς στρατιωτικῆς βοηθείας.

Η ΣΥΝΕΧΕΙΑ

ΑΘΗΝΑΙ, 2.— Ἐκπληξιν προεκάλεσαν μεταξὺ τῶν πολιτικῶν κύκλων, αἱ δηλώσεις τοῦ γενικοῦ γραμματέως τοῦ ΝΑΤΟ κ. Στίκκερ, ἐν σχέσει μὲ τὴν ἐλαττωματικὴν βοήθειαν πρὸς τὴν Ἑλλάδα. Ὁ κ. Στίκκερ ἐδήλωσεν ὅτι ἡ βοήθεια θὰ ἐξαρτηθῇ ἐκ τῆς πολιτικῆς σταθερότητος τῆς χώρας καὶ ἐκ τῶν ἐκάστοτε πολιτικῶν ἐξελίξεων. Ἡ ἀντιπολίτευσις χαρακτηρίζει τὰς δηλώσεις ὡς κόλαφον κατὰ τῆς κυβερνήσεως, ἐνῷ κυβερνητικοὶ κύκλοι ὑποστηρίζουν ὅτι αὗται παρερμηνεύθησαν. Εἰς τὸ μεταξὺ ὁ Ἀμερικανὸς γερουσιαστὴς κ. Ράσσελ ἐτάχθη ὑπὲρ τῶν ἑλληνικῶν ἀπόψεων διὰ τὴν συνέχισιν τῆς στρατιωτικῆς βοηθείας.

ΑΘΗΝΑΙ, 2.— Ἐκπληξιν προεκάλεσαν μεταξὺ τῶν πολιτικῶν κύκλων, αἱ δηλώσεις τοῦ γενικοῦ γραμματέως τοῦ ΝΑΤΟ κ. Στίκκερ, ἐν σχέσει μὲ τὴν ἐλαττωματικὴν βοήθειαν πρὸς τὴν Ἑλλάδα. Ὁ κ. Στίκκερ ἐδήλωσεν ὅτι ἡ βοήθεια θὰ ἐξαρτηθῇ ἐκ τῆς πολιτικῆς σταθερότητος τῆς χώρας καὶ ἐκ τῶν ἐκάστοτε πολιτικῶν ἐξελίξεων. Ἡ ἀντιπολίτευσις χαρακτηρίζει τὰς δηλώσεις ὡς κόλαφον κατὰ τῆς κυβερνήσεως, ἐνῷ κυβερνητικοὶ κύκλοι ὑποστηρίζουν ὅτι αὗται παρερμηνεύθησαν. Εἰς τὸ μεταξὺ ὁ Ἀμερικανὸς γερουσιαστὴς κ. Ράσσελ ἐτάχθη ὑπὲρ τῶν ἑλληνικῶν ἀπόψεων διὰ τὴν συνέχισιν τῆς στρατιωτικῆς βοηθείας.

ΠΑΡΕΜΒΑΣΙΣ

ΑΘΗΝΑΙ, 2.— Ἐκπληξιν προεκάλεσαν μεταξὺ τῶν πολιτικῶν κύκλων, αἱ δηλώσεις τοῦ γενικοῦ γραμματέως τοῦ ΝΑΤΟ κ. Στίκκερ, ἐν σχέσει μὲ τὴν ἐλαττωματικὴν βοήθειαν πρὸς τὴν Ἑλλάδα. Ὁ κ. Στίκκερ ἐδήλωσεν ὅτι ἡ βοήθεια θὰ ἐξαρτηθῇ ἐκ τῆς πολιτικῆς σταθερότητος τῆς χώρας καὶ ἐκ τῶν ἐκάστοτε πολιτικῶν ἐξελίξεων. Ἡ ἀντιπολίτευσις χαρακτηρίζει τὰς δηλώσεις ὡς κόλαφον κατὰ τῆς κυβερνήσεως, ἐνῷ κυβερνητικοὶ κύκλοι ὑποστηρίζουν ὅτι αὗται παρερμηνεύθησαν. Εἰς τὸ μεταξὺ ὁ Ἀμερικανὸς γερουσιαστὴς κ. Ράσσελ ἐτάχθη ὑπὲρ τῶν ἑλληνικῶν ἀπόψεων διὰ τὴν συνέχισιν τῆς στρατιωτικῆς βοηθείας.

ΑΘΗΝΑΙ, 2.— Ἐκπληξιν προεκάλεσαν μεταξὺ τῶν πολιτικῶν κύκλων, αἱ δηλώσεις τοῦ γενικοῦ γραμματέως τοῦ ΝΑΤΟ κ. Στίκκερ, ἐν σχέσει μὲ τὴν ἐλαττωματικὴν βοήθειαν πρὸς τὴν Ἑλλάδα. Ὁ κ. Στίκκερ ἐδήλωσεν ὅτι ἡ βοήθεια θὰ ἐξαρτηθῇ ἐκ τῆς πολιτικῆς σταθερότητος τῆς χώρας καὶ ἐκ τῶν ἐκάστοτε πολιτικῶν ἐξελίξεων. Ἡ ἀντιπολίτευσις χαρακτηρίζει τὰς δηλώσεις ὡς κόλαφον κατὰ τῆς κυβερνήσεως, ἐνῷ κυβερνητικοὶ κύκλοι ὑποστηρίζουν ὅτι αὗται παρερμηνεύθησαν. Εἰς τὸ μεταξὺ ὁ Ἀμερικανὸς γερουσιαστὴς κ. Ράσσελ ἐτάχθη ὑπὲρ τῶν ἑλληνικῶν ἀπόψεων διὰ τὴν συνέχισιν τῆς στρατιωτικῆς βοηθείας.

ΑΘΗΝΑΙ, 2.— Ἐκπληξιν προεκάλεσαν μεταξὺ τῶν πολιτικῶν κύκλων, αἱ δηλώσεις τοῦ γενικοῦ γραμματέως τοῦ ΝΑΤΟ κ. Στίκκερ, ἐν σχέσει μὲ τὴν ἐλαττωματικὴν βοήθειαν πρὸς τὴν Ἑλλάδα. Ὁ κ. Στίκκερ ἐδήλωσεν ὅτι ἡ βοήθεια θὰ ἐξαρτηθῇ ἐκ τῆς πολιτικῆς σταθερότητος τῆς χώρας καὶ ἐκ τῶν ἐκάστοτε πολιτικῶν ἐξελίξεων. Ἡ ἀντιπολίτευσις χαρακτηρίζει τὰς δηλώσεις ὡς κόλαφον κατὰ τῆς κυβερνήσεως, ἐνῷ κυβερνητικοὶ κύκλοι ὑποστηρίζουν ὅτι αὗται παρερμηνεύθησαν. Εἰς τὸ μεταξὺ ὁ Ἀμερικανὸς γερουσιαστὴς κ. Ράσσελ ἐτάχθη ὑπὲρ τῶν ἑλληνικῶν ἀπόψεων διὰ τὴν συνέχισιν τῆς στρατιωτικῆς βοηθείας.

ΠΑΡΕΜΒΑΣΙΣ ΤΩΝ ΕΡΓΑΤΩΝ

Ἡ ΓΣΕΕ ἐξέδωσεν ἀνακοίνωσιν διὰ τῆς ὁποίας ζητεῖ ὅπως ἡ βοήθεια τοῦ ΝΑΤΟ χρησιμοποιηθῇ διὰ τὴν ἀνάπτυξιν τῆς χώρας καὶ τὴν ἄνοδον τοῦ βιοτικοῦ ἐπιπέδου τῶν ἐργαζομένων.

ΑΘΗΝΑΙ, 2.— Ἐκπληξιν προεκάλεσαν μεταξὺ τῶν πολιτικῶν κύκλων, αἱ δηλώσεις τοῦ γενικοῦ γραμματέως τοῦ ΝΑΤΟ κ. Στίκκερ, ἐν σχέσει μὲ τὴν ἐλαττωματικὴν βοήθειαν πρὸς τὴν Ἑλλάδα. Ὁ κ. Στίκκερ ἐδήλωσεν ὅτι ἡ βοήθεια θὰ ἐξαρτηθῇ ἐκ τῆς πολιτικῆς σταθερότητος τῆς χώρας καὶ ἐκ τῶν ἐκάστοτε πολιτικῶν ἐξελίξεων. Ἡ ἀντιπολίτευσις χαρακτηρίζει τὰς δηλώσεις ὡς κόλαφον κατὰ τῆς κυβερνήσεως, ἐνῷ κυβερνητικοὶ κύκλοι ὑποστηρίζουν ὅτι αὗται παρερμηνεύθησαν. Εἰς τὸ μεταξὺ ὁ Ἀμερικανὸς γερουσιαστὴς κ. Ράσσελ ἐτάχθη ὑπὲρ τῶν ἑλληνικῶν ἀπόψεων διὰ τὴν συνέχισιν τῆς στρατιωτικῆς βοηθείας.

ΑΓΩΝΑ ΕΝΑΝΤΙΟΝ ΤΟΥ ΕΞΟΠΛΙΣΜΟΥ ΑΡΧΙΖΟΥΝ ΕΙΣ ΤΑ ΗΝΩΜΕΝΑ ΕΘΝΗ ΟΙ κ.κ. ΡΑΣΚ, ΓΚΡΟΜΙΚΟ ΚΑΙ ΧΙΟΥΜ
ΚΥΡΙΟΣ ΣΚΟΠΟΣ: Ἡ ἀποτροπὴ τῆς διαδόσεως
τοῦ πυρηνικοῦ ὁπλοστασίου καὶ εἰς ἄλλας χώρας

ΝΕΑ ΥΟΡΚΗ, 2. (Γραφεῖον Προσκείμενον).— Οἱ ὑπουργοὶ Ἐξωτερικῶν Ἀμερικῆς, Ρωσίας καὶ Ἀγγλίας κ.κ. Ράσκ, Γκρομίκο καὶ Χιούμ θὰ ἀρχίσουν ἐντὸς τῶν ἡμερῶν συνομιλίας εἰς τὰ Ἡνωμένα Ἔθνη μὲ σκοπὸν τὴν ἐπίτευξιν συμφωνίας διὰ τὴν ἀποτροπὴν τῆς διαδόσεως τῶν πυρηνικῶν ὅπλων. Ὁ κ. Ράσκ ἐδήλωσεν ὅτι ἡ Ἀμερικὴ εἶναι διατεθειμένη νὰ συζητήσῃ πᾶσαν λογικὴν πρότασιν.

ΝΕΑ ΥΟΡΚΗ, 2. (Γραφεῖον Προσκείμενον).— Οἱ ὑπουργοὶ Ἐξωτερικῶν Ἀμερικῆς, Ρωσίας καὶ Ἀγγλίας κ.κ. Ράσκ, Γκρομίκο καὶ Χιούμ θὰ ἀρχίσουν ἐντὸς τῶν ἡμερῶν συνομιλίας εἰς τὰ Ἡνωμένα Ἔθνη μὲ σκοπὸν τὴν ἐπίτευξιν συμφωνίας διὰ τὴν ἀποτροπὴν τῆς διαδόσεως τῶν πυρηνικῶν ὅπλων. Ὁ κ. Ράσκ ἐδήλωσεν ὅτι ἡ Ἀμερικὴ εἶναι διατεθειμένη νὰ συζητήσῃ πᾶσαν λογικὴν πρότασιν.

ΝΕΑ ΥΟΡΚΗ, 2. (Γραφεῖον Προσκείμενον).— Οἱ ὑπουργοὶ Ἐξωτερικῶν Ἀμερικῆς, Ρωσίας καὶ Ἀγγλίας κ.κ. Ράσκ, Γκρομίκο καὶ Χιούμ θὰ ἀρχίσουν ἐντὸς τῶν ἡμερῶν συνομιλίας εἰς τὰ Ἡνωμένα Ἔθνη μὲ σκοπὸν τὴν ἐπίτευξιν συμφωνίας διὰ τὴν ἀποτροπὴν τῆς διαδόσεως τῶν πυρηνικῶν ὅπλων. Ὁ κ. Ράσκ ἐδήλωσεν ὅτι ἡ Ἀμερικὴ εἶναι διατεθειμένη νὰ συζητήσῃ πᾶσαν λογικὴν πρότασιν.

ΝΕΑ ΥΟΡΚΗ, 2. (Γραφεῖον Προσκείμενον).— Οἱ ὑπουργοὶ Ἐξωτερικῶν Ἀμερικῆς, Ρωσίας καὶ Ἀγγλίας κ.κ. Ράσκ, Γκρομίκο καὶ Χιούμ θὰ ἀρχίσουν ἐντὸς τῶν ἡμερῶν συνομιλίας εἰς τὰ Ἡνωμένα Ἔθνη μὲ σκοπὸν τὴν ἐπίτευξιν συμφωνίας διὰ τὴν ἀποτροπὴν τῆς διαδόσεως τῶν πυρηνικῶν ὅπλων. Ὁ κ. Ράσκ ἐδήλωσεν ὅτι ἡ Ἀμερικὴ εἶναι διατεθειμένη νὰ συζητήσῃ πᾶσαν λογικὴν πρότασιν.

ΤΑ ΘΕΜΑ ΤΟ ΔΙΑΣΚΕΨΙ

ΝΕΑ ΥΟΡΚΗ, 2. (Γραφεῖον Προσκείμενον).— Οἱ ὑπουργοὶ Ἐξωτερικῶν Ἀμερικῆς, Ρωσίας καὶ Ἀγγλίας κ.κ. Ράσκ, Γκρομίκο καὶ Χιούμ θὰ ἀρχίσουν ἐντὸς τῶν ἡμερῶν συνομιλίας εἰς τὰ Ἡνωμένα Ἔθνη μὲ σκοπὸν τὴν ἐπίτευξιν συμφωνίας διὰ τὴν ἀποτροπὴν τῆς διαδόσεως τῶν πυρηνικῶν ὅπλων. Ὁ κ. Ράσκ ἐδήλωσεν ὅτι ἡ Ἀμερικὴ εἶναι διατεθειμένη νὰ συζητήσῃ πᾶσαν λογικὴν πρότασιν.

ΝΕΑ ΥΟΡΚΗ, 2. (Γραφεῖον Προσκείμενον).— Οἱ ὑπουργοὶ Ἐξωτερικῶν Ἀμερικῆς, Ρωσίας καὶ Ἀγγλίας κ.κ. Ράσκ, Γκρομίκο καὶ Χιούμ θὰ ἀρχίσουν ἐντὸς τῶν ἡμερῶν συνομιλίας εἰς τὰ Ἡνωμένα Ἔθνη μὲ σκοπὸν τὴν ἐπίτευξιν συμφωνίας διὰ τὴν ἀποτροπὴν τῆς διαδόσεως τῶν πυρηνικῶν ὅπλων. Ὁ κ. Ράσκ ἐδήλωσεν ὅτι ἡ Ἀμερικὴ εἶναι διατεθειμένη νὰ συζητήσῃ πᾶσαν λογικὴν πρότασιν.

Η ΚΟΙΝΗ ΠΟΛΙΤΙΚΗ

ΝΕΑ ΥΟΡΚΗ, 2. (Γραφεῖον Προσκείμενον).— Οἱ ὑπουργοὶ Ἐξωτερικῶν Ἀμερικῆς, Ρωσίας καὶ Ἀγγλίας κ.κ. Ράσκ, Γκρομίκο καὶ Χιούμ θὰ ἀρχίσουν ἐντὸς τῶν ἡμερῶν συνομιλίας εἰς τὰ Ἡνωμένα Ἔθνη μὲ σκοπὸν τὴν ἐπίτευξιν συμφωνίας διὰ τὴν ἀποτροπὴν τῆς διαδόσεως τῶν πυρηνικῶν ὅπλων. Ὁ κ. Ράσκ ἐδήλωσεν ὅτι ἡ Ἀμερικὴ εἶναι διατεθειμένη νὰ συζητήσῃ πᾶσαν λογικὴν πρότασιν.

ΤΟ ΘΕΜΑ ΤΩΝ ΒΑΣΕΩΝ

ΕΙΣ 9500 ΘΑ ΑΝΕΛΘΟΥΝ ΤΑ ΕΚΛΟΓΙΚΑ ΤΜΗΜΑΤΑ
ΘΑ ΓΙΝΟΥΝ ΕΠΙΤΑΞΕΙΣ ΔΗΜΟΣΙΩΝ ΚΕΝΤΡΩΝ ΑΝ ΤΑ ΥΠΑΡΧΟΝΤΑ ΑΠΟΔΕΙΧΘΟΥΝ ΑΝΕΠΑΡΚΗ

ΣΥΝΕΧΕΙΑ

ΑΘΗΝΑΙ, 2.— Τὸ ὑπουργεῖον Ἐσωτερικῶν ἀνεκοίνωσεν ὅτι τὰ ἐκλογικὰ τμήματα διὰ τὰς προσεχεῖς ἐκλογὰς θὰ ἀνέλθουν εἰς 9.500 περίπου. Ἐφόσον οἱ ὑπάρχοντες χῶροι ἀποδειχθοῦν ἀνεπαρκεῖς, θὰ γίνουν ἐπιτάξεις δημοσίων κέντρων διὰ τὴν στέγασιν τῶν τμημάτων. Αἱ σχετικαὶ ἐγκύκλιοι ἀπεστάλησαν ἤδη εἰς τοὺς νομάρχας.

ΕΝ ΜΕΣΩ ΤΟΥ ΛΟΧΟΥ

ΑΘΗΝΑΙ, 2.— Τὸ ὑπουργεῖον Ἐσωτερικῶν ἀνεκοίνωσεν ὅτι τὰ ἐκλογικὰ τμήματα διὰ τὰς προσεχεῖς ἐκλογὰς θὰ ἀνέλθουν εἰς 9.500 περίπου. Ἐφόσον οἱ ὑπάρχοντες χῶροι ἀποδειχθοῦν ἀνεπαρκεῖς, θὰ γίνουν ἐπιτάξεις δημοσίων κέντρων διὰ τὴν στέγασιν τῶν τμημάτων. Αἱ σχετικαὶ ἐγκύκλιοι ἀπεστάλησαν ἤδη εἰς τοὺς νομάρχας.

ΤΑ ΕΚΛΟΓΙΚΑ ΤΜΗΜΑΤΑ

ΑΘΗΝΑΙ, 2.— Τὸ ὑπουργεῖον Ἐσωτερικῶν ἀνεκοίνωσεν ὅτι τὰ ἐκλογικὰ τμήματα διὰ τὰς προσεχεῖς ἐκλογὰς θὰ ἀνέλθουν εἰς 9.500 περίπου. Ἐφόσον οἱ ὑπάρχοντες χῶροι ἀποδειχθοῦν ἀνεπαρκεῖς, θὰ γίνουν ἐπιτάξεις δημοσίων κέντρων διὰ τὴν στέγασιν τῶν τμημάτων. Αἱ σχετικαὶ ἐγκύκλιοι ἀπεστάλησαν ἤδη εἰς τοὺς νομάρχας.

ΑΘΗΝΑΙ, 2.— Τὸ ὑπουργεῖον Ἐσωτερικῶν ἀνεκοίνωσεν ὅτι τὰ ἐκλογικὰ τμήματα διὰ τὰς προσεχεῖς ἐκλογὰς θὰ ἀνέλθουν εἰς 9.500 περίπου. Ἐφόσον οἱ ὑπάρχοντες χῶροι ἀποδειχθοῦν ἀνεπαρκεῖς, θὰ γίνουν ἐπιτάξεις δημοσίων κέντρων διὰ τὴν στέγασιν τῶν τμημάτων. Αἱ σχετικαὶ ἐγκύκλιοι ἀπεστάλησαν ἤδη εἰς τοὺς νομάρχας.

ΑΘΗΝΑΙ, 2.— Τὸ ὑπουργεῖον Ἐσωτερικῶν ἀνεκοίνωσεν ὅτι τὰ ἐκλογικὰ τμήματα διὰ τὰς προσεχεῖς ἐκλογὰς θὰ ἀνέλθουν εἰς 9.500 περίπου. Ἐφόσον οἱ ὑπάρχοντες χῶροι ἀποδειχθοῦν ἀνεπαρκεῖς, θὰ γίνουν ἐπιτάξεις δημοσίων κέντρων διὰ τὴν στέγασιν τῶν τμημάτων. Αἱ σχετικαὶ ἐγκύκλιοι ἀπεστάλησαν ἤδη εἰς τοὺς νομάρχας.

Ο ΥΠΟΥΡΓΟΣ ΠΑΙΔΕΙΑΣ

ΑΘΗΝΑΙ, 2.— Τὸ ὑπουργεῖον Ἐσωτερικῶν ἀνεκοίνωσεν ὅτι τὰ ἐκλογικὰ τμήματα διὰ τὰς προσεχεῖς ἐκλογὰς θὰ ἀνέλθουν εἰς 9.500 περίπου. Ἐφόσον οἱ ὑπάρχοντες χῶροι ἀποδειχθοῦν ἀνεπαρκεῖς, θὰ γίνουν ἐπιτάξεις δημοσίων κέντρων διὰ τὴν στέγασιν τῶν τμημάτων. Αἱ σχετικαὶ ἐγκύκλιοι ἀπεστάλησαν ἤδη εἰς τοὺς νομάρχας.

ΕΙΣ ΦΥΛΑΚΙΟΝ ΤΟΥ ΒΕΡΟΛΙΝΟΥ
Μάχη μὲ δακρυγόνα
ΜΕΤΑΞΥ ΑΜΕΡΙΚΑΝΩΝ ΚΑΙ ΑΝΑΤΟΛΙΚΟΓΕΡΜΑΝΩΝ
Ἐξ αἰτίας ἑνὸς λιθοβολισμοῦ

ΒΕΡΟΛΙΝΟΝ, 2. (Γραφεῖον Προσκείμενον).— Μάχη μὲ δακρυγόνα ἐσημειώθη σήμερον μεταξὺ Ἀμερικανῶν στρατιωτικῶν καὶ Ἀνατολικογερμανῶν φρουρῶν εἰς τὸ σημεῖον ἐλέγχου τῆς Φρήντριχ-στράσσε, μετὰ τὸν λιθοβολισμὸν ἀμερικανικοῦ ὀχήματος. Ἀμφότερες αἱ πλευραὶ ἐχρησιμοποίησαν χημικὰ μέσα πρὸς διάλυσιν τῶν συγκεντρωθέντων.

ΒΕΡΟΛΙΝΟΝ, 2. (Γραφεῖον Προσκείμενον).— Μάχη μὲ δακρυγόνα ἐσημειώθη σήμερον μεταξὺ Ἀμερικανῶν στρατιωτικῶν καὶ Ἀνατολικογερμανῶν φρουρῶν εἰς τὸ σημεῖον ἐλέγχου τῆς Φρήντριχ-στράσσε, μετὰ τὸν λιθοβολισμὸν ἀμερικανικοῦ ὀχήματος. Ἀμφότερες αἱ πλευραὶ ἐχρησιμοποίησαν χημικὰ μέσα πρὸς διάλυσιν τῶν συγκεντρωθέντων.

ΒΕΡΟΛΙΝΟΝ, 2. (Γραφεῖον Προσκείμενον).— Μάχη μὲ δακρυγόνα ἐσημειώθη σήμερον μεταξὺ Ἀμερικανῶν στρατιωτικῶν καὶ Ἀνατολικογερμανῶν φρουρῶν εἰς τὸ σημεῖον ἐλέγχου τῆς Φρήντριχ-στράσσε, μετὰ τὸν λιθοβολισμὸν ἀμερικανικοῦ ὀχήματος. Ἀμφότερες αἱ πλευραὶ ἐχρησιμοποίησαν χημικὰ μέσα πρὸς διάλυσιν τῶν συγκεντρωθέντων.

ΑΙ ΦΥΛΑΚΑΙ

ΒΕΡΟΛΙΝΟΝ, 2. (Γραφεῖον Προσκείμενον).— Μάχη μὲ δακρυγόνα ἐσημειώθη σήμερον μεταξὺ Ἀμερικανῶν στρατιωτικῶν καὶ Ἀνατολικογερμανῶν φρουρῶν εἰς τὸ σημεῖον ἐλέγχου τῆς Φρήντριχ-στράσσε, μετὰ τὸν λιθοβολισμὸν ἀμερικανικοῦ ὀχήματος. Ἀμφότερες αἱ πλευραὶ ἐχρησιμοποίησαν χημικὰ μέσα πρὸς διάλυσιν τῶν συγκεντρωθέντων.

ΣΥΓΚΕΝΤΡΩΣΕΙΣ ΤΗΣ ΕΔΑ

ΒΕΡΟΛΙΝΟΝ, 2. (Γραφεῖον Προσκείμενον).— Μάχη μὲ δακρυγόνα ἐσημειώθη σήμερον μεταξὺ Ἀμερικανῶν στρατιωτικῶν καὶ Ἀνατολικογερμανῶν φρουρῶν εἰς τὸ σημεῖον ἐλέγχου τῆς Φρήντριχ-στράσσε, μετὰ τὸν λιθοβολισμὸν ἀμερικανικοῦ ὀχήματος. Ἀμφότερες αἱ πλευραὶ ἐχρησιμοποίησαν χημικὰ μέσα πρὸς διάλυσιν τῶν συγκεντρωθέντων.

«ΠΡΟΚΛΗΣΙΝ» ΘΕΩΡΕΙ Η ΜΟΣΧΑ ΤΑ ΝΑΥΤΙΚΑ ΓΥΜΝΑΣΙΑ ΤΑ ΔΙΕΞΑΧΘΕΝΤΑ ΕΙΣ ΑΙΓΑΙΟΝ
Ὁ «Ἐρυθρὸς Ἀστὴρ» διαμαρτύρεται:
«Αἱ ἀσκήσεις αὗται ἐπιδιώκουν ἐπιδείνωσιν τῆς καταστάσεως ἐγγὺς τῶν ρωσικῶν συνόρων»

ΜΟΣΧΑ, 2. (Ἀσσ. Πρές).— Ἡ ἐφημερὶς τοῦ Ὑπουργείου Ἀμύνης «Ἐρυθρὸς Ἀστὴρ» ἐχαρακτήρισε σήμερον τὰ ναυτικὰ γυμνάσια τοῦ ΝΑΤΟ εἰς τὸ Αἰγαῖον ὡς πρόκλησιν κατὰ τῆς Σοβιετικῆς Ἑνώσεως, ἀποσκοποῦντα εἰς τὴν ἐπιδείνωσιν τῆς καταστάσεως πλησίον τῶν συνόρων της. Τὸ δημοσίευμα ὑποστηρίζει ὅτι αἱ ἀσκήσεις ἐστρέφοντο κατὰ τῶν σοσιαλιστικῶν χωρῶν.

ΜΟΣΧΑ, 2. (Ἀσσ. Πρές).— Ἡ ἐφημερὶς τοῦ Ὑπουργείου Ἀμύνης «Ἐρυθρὸς Ἀστὴρ» ἐχαρακτήρισε σήμερον τὰ ναυτικὰ γυμνάσια τοῦ ΝΑΤΟ εἰς τὸ Αἰγαῖον ὡς πρόκλησιν κατὰ τῆς Σοβιετικῆς Ἑνώσεως, ἀποσκοποῦντα εἰς τὴν ἐπιδείνωσιν τῆς καταστάσεως πλησίον τῶν συνόρων της. Τὸ δημοσίευμα ὑποστηρίζει ὅτι αἱ ἀσκήσεις ἐστρέφοντο κατὰ τῶν σοσιαλιστικῶν χωρῶν.

ΜΟΣΧΑ, 2. (Ἀσσ. Πρές).— Ἡ ἐφημερὶς τοῦ Ὑπουργείου Ἀμύνης «Ἐρυθρὸς Ἀστὴρ» ἐχαρακτήρισε σήμερον τὰ ναυτικὰ γυμνάσια τοῦ ΝΑΤΟ εἰς τὸ Αἰγαῖον ὡς πρόκλησιν κατὰ τῆς Σοβιετικῆς Ἑνώσεως, ἀποσκοποῦντα εἰς τὴν ἐπιδείνωσιν τῆς καταστάσεως πλησίον τῶν συνόρων της. Τὸ δημοσίευμα ὑποστηρίζει ὅτι αἱ ἀσκήσεις ἐστρέφοντο κατὰ τῶν σοσιαλιστικῶν χωρῶν.

ΜΟΣΧΑ, 2. (Ἀσσ. Πρές).— Ἡ ἐφημερὶς τοῦ Ὑπουργείου Ἀμύνης «Ἐρυθρὸς Ἀστὴρ» ἐχαρακτήρισε σήμερον τὰ ναυτικὰ γυμνάσια τοῦ ΝΑΤΟ εἰς τὸ Αἰγαῖον ὡς πρόκλησιν κατὰ τῆς Σοβιετικῆς Ἑνώσεως, ἀποσκοποῦντα εἰς τὴν ἐπιδείνωσιν τῆς καταστάσεως πλησίον τῶν συνόρων της. Τὸ δημοσίευμα ὑποστηρίζει ὅτι αἱ ἀσκήσεις ἐστρέφοντο κατὰ τῶν σοσιαλιστικῶν χωρῶν.

ΟΙ ΜΑΘΗΤΑΙ ΤΗΣ ΜΕΣΗΣ ΕΚΠΑΙΔΕΥΣΕΩΣ ΕΙΣ ΑΓΓΛΙΑΝ ΠΡΕΠΕΙ ΝΑ ΕΧΟΥΝ ΕΛΕΥΘΕΡΑΣ ΦΙΛΑΣ ΤΑΣ ΜΑΘΗΤΡΙΑΣ ΔΙΑ ΝΑ ΜΗ ΕΠΙΖΗΤΟΥΝ ΣΧΕΣΕΙΣ ΜΕ ΑΛΛΑΣ ΝΕΑΝΙΔΑΣ

ΛΟΝΔΙΝΟΝ, 2. (Ρόϊτερ).— Τὸ συνέδριον τῶν διευθυντῶν σχολείων ἐσυζήτησε τὸ θέμα τῶν σχέσεων μεταξὺ μαθητῶν καὶ μαθητριῶν τῆς μέσης ἐκπαιδεύσεως, ὑποστηρίξαν ὅτι ἡ ἐλευθέρα φιλία ἀποτρέπει ἐπικινδύνους σχέσεις.

ΛΟΝΔΙΝΟΝ, 2. (Ρόϊτερ).— Τὸ συνέδριον τῶν διευθυντῶν σχολείων ἐσυζήτησε τὸ θέμα τῶν σχέσεων μεταξὺ μαθητῶν καὶ μαθητριῶν τῆς μέσης ἐκπαιδεύσεως, ὑποστηρίξαν ὅτι ἡ ἐλευθέρα φιλία ἀποτρέπει ἐπικινδύνους σχέσεις.

ΛΟΝΔΙΝΟΝ, 2. (Ρόϊτερ).— Τὸ συνέδριον τῶν διευθυντῶν σχολείων ἐσυζήτησε τὸ θέμα τῶν σχέσεων μεταξὺ μαθητῶν καὶ μαθητριῶν τῆς μέσης ἐκπαιδεύσεως, ὑποστηρίξαν ὅτι ἡ ἐλευθέρα φιλία ἀποτρέπει ἐπικινδύνους σχέσεις.

ΛΟΝΔΙΝΟΝ, 2. (Ρόϊτερ).— Τὸ συνέδριον τῶν διευθυντῶν σχολείων ἐσυζήτησε τὸ θέμα τῶν σχέσεων μεταξὺ μαθητῶν καὶ μαθητριῶν τῆς μέσης ἐκπαιδεύσεως, ὑποστηρίξαν ὅτι ἡ ἐλευθέρα φιλία ἀποτρέπει ἐπικινδύνους σχέσεις.

Η «ΠΡΑΒΔΑ» ΕΠΙΚΡΙΝΕΙ ΜΕΤΑ ΔΡΙΜΥΤΗΤΟΣ ΤΟΥΣ ΠΡΟΣΠΑΘΟΥΝΤΑΣ ΝΑ ΒΛΑΨΟΥΝ ΤΑΣ ΣΧΕΣΕΙΣ ΣΟΒΙΕΤ. ΕΝΩΣΕΩΣ ΚΑΙ ΚΙΝΑΣ

ΜΟΣΧΑ, 2. (Γάλλ. Πρ.).— Ἡ «Πράβδα» δημοσιεύει ἄρθρον διὰ τοῦ ὁποίου ἐπικρίνει αὐστηρῶς ἐκείνους οἱ ὁποῖοι προσπαθοῦν νὰ βλάψουν τὰς σχέσεις μεταξὺ Σοβιετικῆς Ἑνώσεως καὶ Κίνας, τονίζουσα ὅτι ἡ φιλία τῶν δύο λαῶν εἶναι ἀκλόνητος.

ΜΟΣΧΑ, 2. (Γάλλ. Πρ.).— Ἡ «Πράβδα» δημοσιεύει ἄρθρον διὰ τοῦ ὁποίου ἐπικρίνει αὐστηρῶς ἐκείνους οἱ ὁποῖοι προσπαθοῦν νὰ βλάψουν τὰς σχέσεις μεταξὺ Σοβιετικῆς Ἑνώσεως καὶ Κίνας, τονίζουσα ὅτι ἡ φιλία τῶν δύο λαῶν εἶναι ἀκλόνητος.

ΜΟΣΧΑ, 2. (Γάλλ. Πρ.).— Ἡ «Πράβδα» δημοσιεύει ἄρθρον διὰ τοῦ ὁποίου ἐπικρίνει αὐστηρῶς ἐκείνους οἱ ὁποῖοι προσπαθοῦν νὰ βλάψουν τὰς σχέσεις μεταξὺ Σοβιετικῆς Ἑνώσεως καὶ Κίνας, τονίζουσα ὅτι ἡ φιλία τῶν δύο λαῶν εἶναι ἀκλόνητος.

ΜΟΣΧΑ, 2. (Γάλλ. Πρ.).— Ἡ «Πράβδα» δημοσιεύει ἄρθρον διὰ τοῦ ὁποίου ἐπικρίνει αὐστηρῶς ἐκείνους οἱ ὁποῖοι προσπαθοῦν νὰ βλάψουν τὰς σχέσεις μεταξὺ Σοβιετικῆς Ἑνώσεως καὶ Κίνας, τονίζουσα ὅτι ἡ φιλία τῶν δύο λαῶν εἶναι ἀκλόνητος.

ΜΟΣΧΑ, 2. (Γάλλ. Πρ.).— Ἡ «Πράβδα» δημοσιεύει ἄρθρον διὰ τοῦ ὁποίου ἐπικρίνει αὐστηρῶς ἐκείνους οἱ ὁποῖοι προσπαθοῦν νὰ βλάψουν τὰς σχέσεις μεταξὺ Σοβιετικῆς Ἑνώσεως καὶ Κίνας, τονίζουσα ὅτι ἡ φιλία τῶν δύο λαῶν εἶναι ἀκλόνητος.

ΜΟΣΧΑ, 2. (Γάλλ. Πρ.).— Ἡ «Πράβδα» δημοσιεύει ἄρθρον διὰ τοῦ ὁποίου ἐπικρίνει αὐστηρῶς ἐκείνους οἱ ὁποῖοι προσπαθοῦν νὰ βλάψουν τὰς σχέσεις μεταξὺ Σοβιετικῆς Ἑνώσεως καὶ Κίνας, τονίζουσα ὅτι ἡ φιλία τῶν δύο λαῶν εἶναι ἀκλόνητος.

ΑΝΕΤΕΘΗ ΕΙΣ ΑΜΕΡΙΚΑΝΙΚΟΝ ΣΥΓΚΡΟΤΗΜΑ Η ΚΑΤΑΣΚΕΥΗ ΑΝΤΙΠΥΡΑΥΛΩΝ ΚΑΙ ΑΡΧΙΖΟΥΝ ΔΟΚΙΜΑΙ ΕΙΣ ΤΟΝ ΕΙΡΗΝΙΚΟΝ

ΟΥΑΣΙΓΚΤΩΝ, 2. (Ρόϊτερ).— Τὸ ὑπουργεῖον Ἀμύνης ἀνέθεσεν εἰς ἀμερικανικὸν συγκρότημα τὴν κατασκευὴν ἀντιπυραύλων τύπου «Νάϊκ-Ζεύς», αἱ δοκιμαὶ τῶν ὁποίων θὰ ἀρχίσουν προσεχῶς εἰς τὸν Εἰρηνικόν.

ΟΥΑΣΙΓΚΤΩΝ, 2. (Ρόϊτερ).— Τὸ ὑπουργεῖον Ἀμύνης ἀνέθεσεν εἰς ἀμερικανικὸν συγκρότημα τὴν κατασκευὴν ἀντιπυραύλων τύπου «Νάϊκ-Ζεύς», αἱ δοκιμαὶ τῶν ὁποίων θὰ ἀρχίσουν προσεχῶς εἰς τὸν Εἰρηνικόν.

ΟΥΑΣΙΓΚΤΩΝ, 2. (Ρόϊτερ).— Τὸ ὑπουργεῖον Ἀμύνης ἀνέθεσεν εἰς ἀμερικανικὸν συγκρότημα τὴν κατασκευὴν ἀντιπυραύλων τύπου «Νάϊκ-Ζεύς», αἱ δοκιμαὶ τῶν ὁποίων θὰ ἀρχίσουν προσεχῶς εἰς τὸν Εἰρηνικόν.

ΟΥΑΣΙΓΚΤΩΝ, 2. (Ρόϊτερ).— Τὸ ὑπουργεῖον Ἀμύνης ἀνέθεσεν εἰς ἀμερικανικὸν συγκρότημα τὴν κατασκευὴν ἀντιπυραύλων τύπου «Νάϊκ-Ζεύς», αἱ δοκιμαὶ τῶν ὁποίων θὰ ἀρχίσουν προσεχῶς εἰς τὸν Εἰρηνικόν.

ΕΛΗΞΕΝ ΕΙΣ ΠΑΡΙΣΙΟΥΣ ΤΟ ΣΥΝΕΔΡΙΟΝ ΤΗΣ ΔΙΕΘΝΟΥΣ ΑΣΤΡΟΝΑΥΤΙΚΗΣ ΕΤΑΙΡΕΙΑΣ

ΠΑΡΙΣΙΟΙ, 2. (Ἀσσ. Πρές).— Ἔληξαν αἱ ἐργασίαι τοῦ συνεδρίου τῆς Διεθνοῦς Ἀστροναυτικῆς Ἑταιρείας, εἰς τὸ ὁποῖον μετέσχον ἐπιστήμονες ἐκ πολλῶν χωρῶν. Συνεζητήθησαν θέματα σχετικὰ μὲ τὴν ἐξερεύνησιν τοῦ διαστήματος.

ΠΑΡΙΣΙΟΙ, 2. (Ἀσσ. Πρές).— Ἔληξαν αἱ ἐργασίαι τοῦ συνεδρίου τῆς Διεθνοῦς Ἀστροναυτικῆς Ἑταιρείας, εἰς τὸ ὁποῖον μετέσχον ἐπιστήμονες ἐκ πολλῶν χωρῶν. Συνεζητήθησαν θέματα σχετικὰ μὲ τὴν ἐξερεύνησιν τοῦ διαστήματος.

ΠΑΡΙΣΙΟΙ, 2. (Ἀσσ. Πρές).— Ἔληξαν αἱ ἐργασίαι τοῦ συνεδρίου τῆς Διεθνοῦς Ἀστροναυτικῆς Ἑταιρείας, εἰς τὸ ὁποῖον μετέσχον ἐπιστήμονες ἐκ πολλῶν χωρῶν. Συνεζητήθησαν θέματα σχετικὰ μὲ τὴν ἐξερεύνησιν τοῦ διαστήματος.

ΠΑΡΙΣΙΟΙ, 2. (Ἀσσ. Πρές).— Ἔληξαν αἱ ἐργασίαι τοῦ συνεδρίου τῆς Διεθνοῦς Ἀστροναυτικῆς Ἑταιρείας, εἰς τὸ ὁποῖον μετέσχον ἐπιστήμονες ἐκ πολλῶν χωρῶν. Συνεζητήθησαν θέματα σχετικὰ μὲ τὴν ἐξερεύνησιν τοῦ διαστήματος.

Ὁ κ. Κέννεντυ καὶ ὁ Χαϊλὲ Σελασιὲ ἐκηρύχθησαν ὑπὲρ τῆς ἀνεξαρτησίας ὅλων τῶν ἀφρικανικῶν κρατῶν
ΘΕΡΜΗΣ ΥΠΟΔΟΧΗΣ ΕΙΣ ΟΥΑΣΙΓΚΤΩΝ
ΕΤΥΧΕΝ Ο ΑΒΗΣΣΥΝΟΣ ΑΥΤΟΚΡΑΤΩΡ

ΟΥΑΣΙΓΚΤΩΝ, 2. (Ρόϊτερ).— Ὁ Αὐτοκράτωρ τῆς Αἰθιοπίας Χαϊλὲ Σελασιὲ καὶ ὁ Πρόεδρος Κέννεντυ ἐξέδωσαν κοινὸν ἀνακοινωθέν, διὰ τοῦ ὁποίου τάσσονται ὑπὲρ τῆς ἀνεξαρτησίας ὅλων τῶν λαῶν τῆς Ἀφρικῆς καὶ τῆς εἰρηνικῆς ἐπιλύσεως τῶν διεθνῶν διαφορῶν. Ὁ Αὐτοκράτωρ ἔτυχε θερμῆς ὑποδοχῆς κατὰ τὴν ἄφιξίν του.

ΟΥΑΣΙΓΚΤΩΝ, 2. (Ρόϊτερ).— Ὁ Αὐτοκράτωρ τῆς Αἰθιοπίας Χαϊλὲ Σελασιὲ καὶ ὁ Πρόεδρος Κέννεντυ ἐξέδωσαν κοινὸν ἀνακοινωθέν, διὰ τοῦ ὁποίου τάσσονται ὑπὲρ τῆς ἀνεξαρτησίας ὅλων τῶν λαῶν τῆς Ἀφρικῆς καὶ τῆς εἰρηνικῆς ἐπιλύσεως τῶν διεθνῶν διαφορῶν. Ὁ Αὐτοκράτωρ ἔτυχε θερμῆς ὑποδοχῆς κατὰ τὴν ἄφιξίν του.

ΤΟ ΕΚΔΟΘΕΝ ΑΝΑΚΟΙΝΩΘΕΝ

ΟΥΑΣΙΓΚΤΩΝ, 2. (Ρόϊτερ).— Ὁ Αὐτοκράτωρ τῆς Αἰθιοπίας Χαϊλὲ Σελασιὲ καὶ ὁ Πρόεδρος Κέννεντυ ἐξέδωσαν κοινὸν ἀνακοινωθέν, διὰ τοῦ ὁποίου τάσσονται ὑπὲρ τῆς ἀνεξαρτησίας ὅλων τῶν λαῶν τῆς Ἀφρικῆς καὶ τῆς εἰρηνικῆς ἐπιλύσεως τῶν διεθνῶν διαφορῶν. Ὁ Αὐτοκράτωρ ἔτυχε θερμῆς ὑποδοχῆς κατὰ τὴν ἄφιξίν του.

ΟΥΑΣΙΓΚΤΩΝ, 2. (Ρόϊτερ).— Ὁ Αὐτοκράτωρ τῆς Αἰθιοπίας Χαϊλὲ Σελασιὲ καὶ ὁ Πρόεδρος Κέννεντυ ἐξέδωσαν κοινὸν ἀνακοινωθέν, διὰ τοῦ ὁποίου τάσσονται ὑπὲρ τῆς ἀνεξαρτησίας ὅλων τῶν λαῶν τῆς Ἀφρικῆς καὶ τῆς εἰρηνικῆς ἐπιλύσεως τῶν διεθνῶν διαφορῶν. Ὁ Αὐτοκράτωρ ἔτυχε θερμῆς ὑποδοχῆς κατὰ τὴν ἄφιξίν του.

ΟΥΑΣΙΓΚΤΩΝ, 2. (Ρόϊτερ).— Ὁ Αὐτοκράτωρ τῆς Αἰθιοπίας Χαϊλὲ Σελασιὲ καὶ ὁ Πρόεδρος Κέννεντυ ἐξέδωσαν κοινὸν ἀνακοινωθέν, διὰ τοῦ ὁποίου τάσσονται ὑπὲρ τῆς ἀνεξαρτησίας ὅλων τῶν λαῶν τῆς Ἀφρικῆς καὶ τῆς εἰρηνικῆς ἐπιλύσεως τῶν διεθνῶν διαφορῶν. Ὁ Αὐτοκράτωρ ἔτυχε θερμῆς ὑποδοχῆς κατὰ τὴν ἄφιξίν του.

ΟΥΑΣΙΓΚΤΩΝ, 2. (Ρόϊτερ).— Ὁ Αὐτοκράτωρ τῆς Αἰθιοπίας Χαϊλὲ Σελασιὲ καὶ ὁ Πρόεδρος Κέννεντυ ἐξέδωσαν κοινὸν ἀνακοινωθέν, διὰ τοῦ ὁποίου τάσσονται ὑπὲρ τῆς ἀνεξαρτησίας ὅλων τῶν λαῶν τῆς Ἀφρικῆς καὶ τῆς εἰρηνικῆς ἐπιλύσεως τῶν διεθνῶν διαφορῶν. Ὁ Αὐτοκράτωρ ἔτυχε θερμῆς ὑποδοχῆς κατὰ τὴν ἄφιξίν του.
